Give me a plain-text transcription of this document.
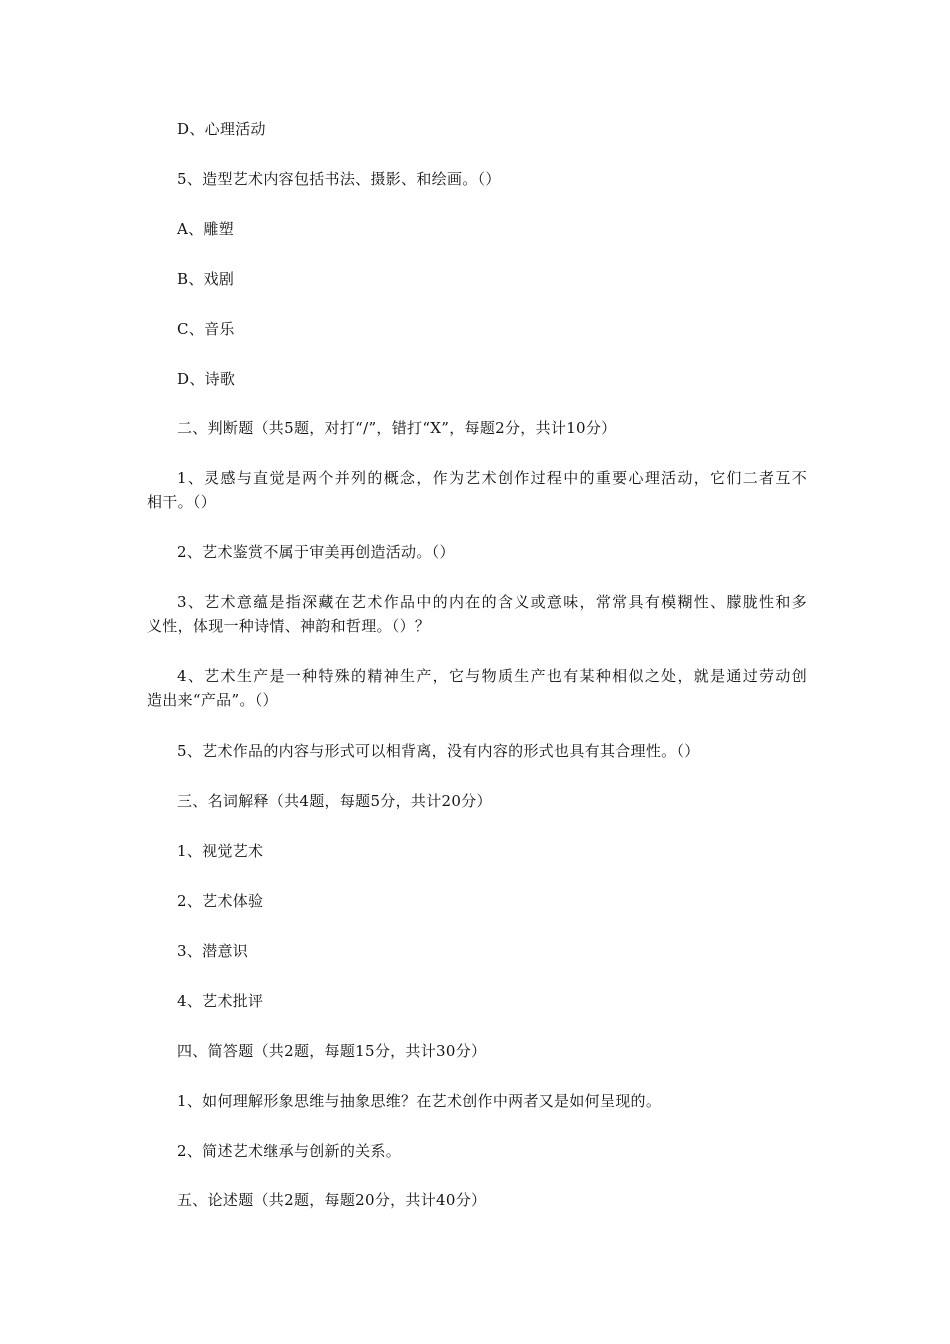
D、心理活动
5、造型艺术内容包括书法、摄影、和绘画。（）
A、雕塑
B、戏剧
C、音乐
D、诗歌
二、判断题（共5题，对打“/”，错打“X”，每题2分，共计10分）
1、灵感与直觉是两个并列的概念，作为艺术创作过程中的重要心理活动，它们二者互不
相干。（）
2、艺术鉴赏不属于审美再创造活动。（）
3、艺术意蕴是指深藏在艺术作品中的内在的含义或意味，常常具有模糊性、朦胧性和多
义性，体现一种诗情、神韵和哲理。（）？
4、艺术生产是一种特殊的精神生产，它与物质生产也有某种相似之处，就是通过劳动创
造出来“产品”。（）
5、艺术作品的内容与形式可以相背离，没有内容的形式也具有其合理性。（）
三、名词解释（共4题，每题5分，共计20分）
1、视觉艺术
2、艺术体验
3、潜意识
4、艺术批评
四、简答题（共2题，每题15分，共计30分）
1、如何理解形象思维与抽象思维？在艺术创作中两者又是如何呈现的。
2、简述艺术继承与创新的关系。
五、论述题（共2题，每题20分，共计40分）
